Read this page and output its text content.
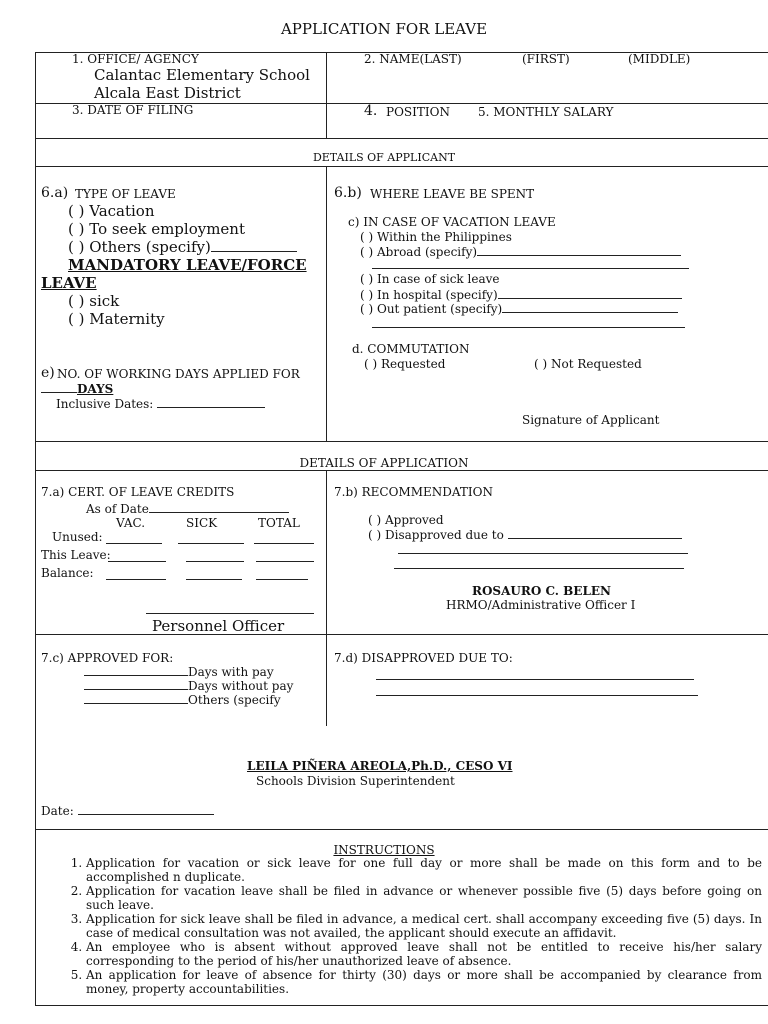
APPLICATION FOR LEAVE
1. OFFICE/ AGENCY
Calantac Elementary School
Alcala East District
2. NAME(LAST)	(FIRST)	(MIDDLE)
3. DATE OF FILING	4. POSITION 5. MONTHLY SALARY
DETAILS OF APPLICANT
6.a) TYPE OF LEAVE
( ) Vacation
( ) To seek employment
( ) Others (specify)
MANDATORY LEAVE/FORCE
LEAVE
( ) sick
( ) Maternity
e) NO. OF WORKING DAYS APPLIED FOR
DAYS
Inclusive Dates:
6.b) WHERE LEAVE BE SPENT
c) IN CASE OF VACATION LEAVE
( ) Within the Philippines
( ) Abroad (specify)
( ) In case of sick leave
( ) In hospital (specify)
( ) Out patient (specify)
d. COMMUTATION
( ) Requested	( ) Not Requested
Signature of Applicant
DETAILS OF APPLICATION
7.a) CERT. OF LEAVE CREDITS
As of Date
VAC.	SICK	TOTAL
Unused:
This Leave:
Balance:
Personnel Officer
7.b) RECOMMENDATION
( ) Approved
( ) Disapproved due to
ROSAURO C. BELEN
HRMO/Administrative Officer I
7.c) APPROVED FOR:
Days with pay
Days without pay
Others (specify
7.d) DISAPPROVED DUE TO:
LEILA PIÑERA AREOLA,Ph.D., CESO VI
Schools Division Superintendent
Date:
INSTRUCTIONS
1. Application for vacation or sick leave for one full day or more shall be made on this form and to be accomplished n duplicate.
2. Application for vacation leave shall be filed in advance or whenever possible five (5) days before going on such leave.
3. Application for sick leave shall be filed in advance, a medical cert. shall accompany exceeding five (5) days. In case of medical consultation was not availed, the applicant should execute an affidavit.
4. An employee who is absent without approved leave shall not be entitled to receive his/her salary corresponding to the period of his/her unauthorized leave of absence.
5. An application for leave of absence for thirty (30) days or more shall be accompanied by clearance from money, property accountabilities.
